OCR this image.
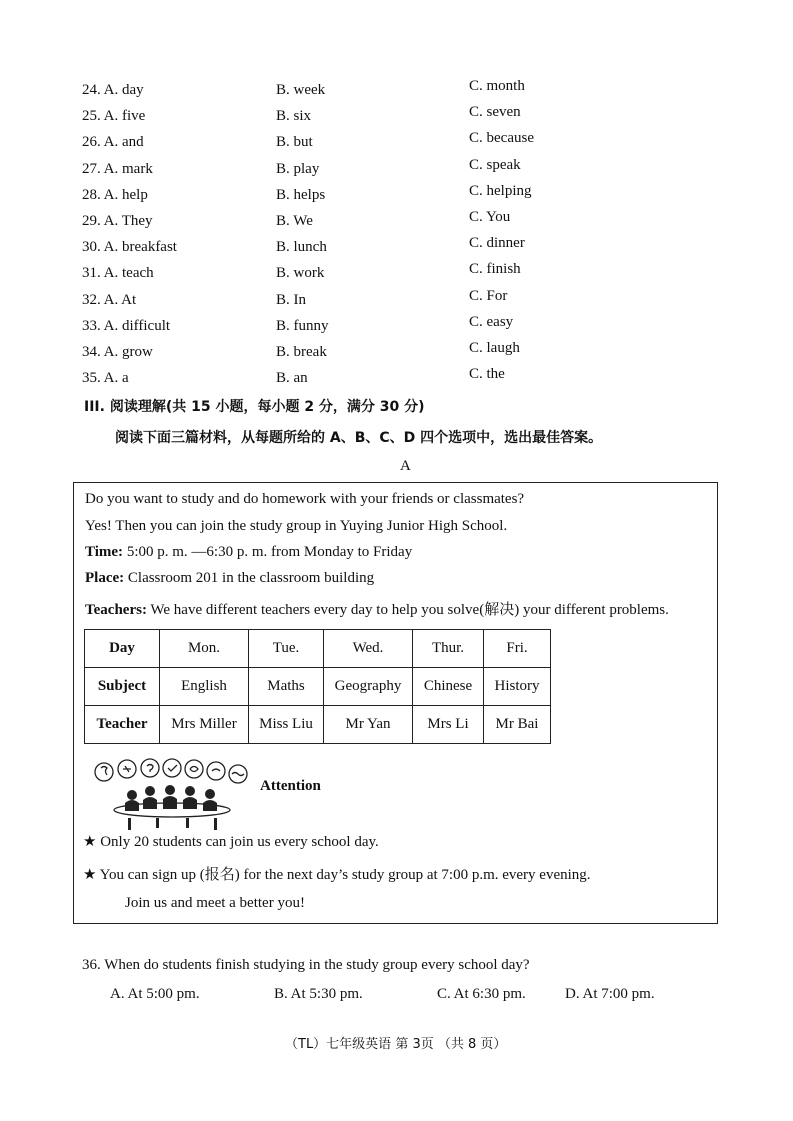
24. A. day	B. week	C. month
25. A. five	B. six	C. seven
26. A. and	B. but	C. because
27. A. mark	B. play	C. speak
28. A. help	B. helps	C. helping
29. A. They	B. We	C. You
30. A. breakfast	B. lunch	C. dinner
31. A. teach	B. work	C. finish
32. A. At	B. In	C. For
33. A. difficult	B. funny	C. easy
34. A. grow	B. break	C. laugh
35. A. a	B. an	C. the
III. 阅读理解(共 15 小题，每小题 2 分，满分 30 分)
阅读下面三篇材料，从每题所给的 A、B、C、D 四个选项中，选出最佳答案。
A
Do you want to study and do homework with your friends or classmates?
Yes! Then you can join the study group in Yuying Junior High School.
Time: 5:00 p. m. —6:30 p. m. from Monday to Friday
Place: Classroom 201 in the classroom building
Teachers: We have different teachers every day to help you solve(解决) your different problems.
Day	Mon.	Tue.	Wed.	Thur.	Fri.
Subject	English	Maths	Geography	Chinese	History
Teacher	Mrs Miller	Miss Liu	Mr Yan	Mrs Li	Mr Bai
Attention
★ Only 20 students can join us every school day.
★ You can sign up (报名) for the next day’s study group at 7:00 p.m. every evening.
Join us and meet a better you!
36. When do students finish studying in the study group every school day?
A. At 5:00 pm.	B. At 5:30 pm.	C. At 6:30 pm.	D. At 7:00 pm.
（TL）七年级英语 第 3页 （共 8 页）
